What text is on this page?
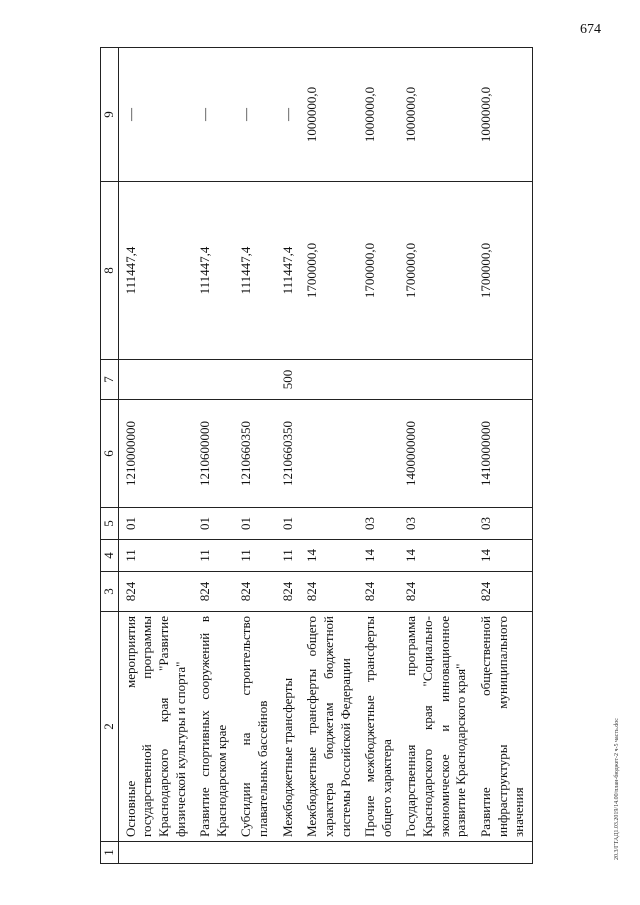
674
20.3/ГТАД1.03.2019/14.00/план-бюджет-2 ч-5 часть.doc
1	2	3	4	5	6	7	8	9
	Основные мероприятия государственной программы Краснодарского края "Развитие физической культуры и спорта"	824	11	01	1210000000		111447,4	—
	Развитие спортивных сооружений в Краснодарском крае	824	11	01	1210600000		111447,4	—
	Субсидии на строительство плавательных бассейнов	824	11	01	1210660350		111447,4	—
	Межбюджетные трансферты	824	11	01	1210660350	500	111447,4	—
	Межбюджетные трансферты общего характера бюджетам бюджетной системы Российской Федерации	824	14				1700000,0	1000000,0
	Прочие межбюджетные трансферты общего характера	824	14	03			1700000,0	1000000,0
	Государственная программа Краснодарского края "Социально-экономическое и инновационное развитие Краснодарского края"	824	14	03	1400000000		1700000,0	1000000,0
	Развитие общественной инфраструктуры муниципального значения	824	14	03	1410000000		1700000,0	1000000,0
